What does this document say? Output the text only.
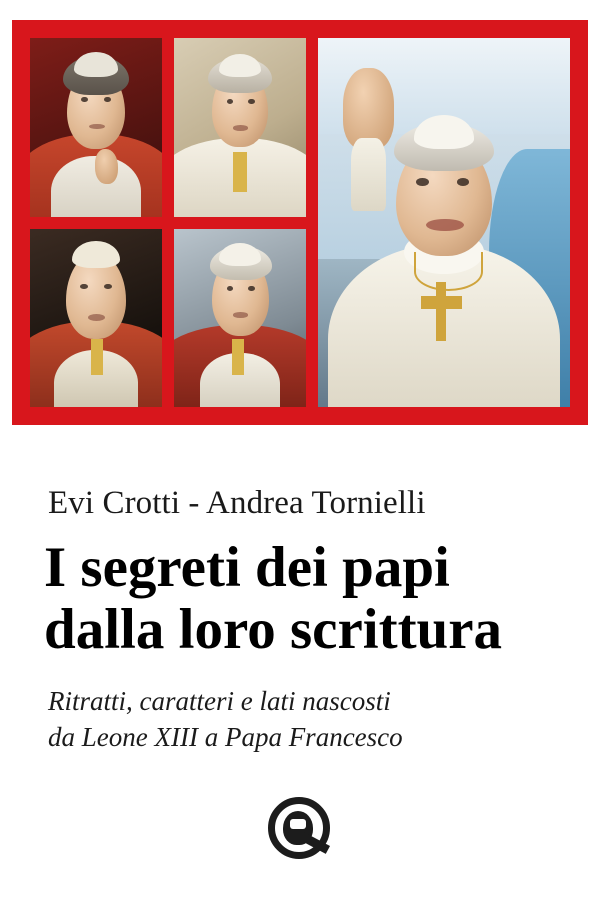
Evi Crotti - Andrea Tornielli
I segreti dei papi
dalla loro scrittura
Ritratti, caratteri e lati nascosti
da Leone XIII a Papa Francesco
